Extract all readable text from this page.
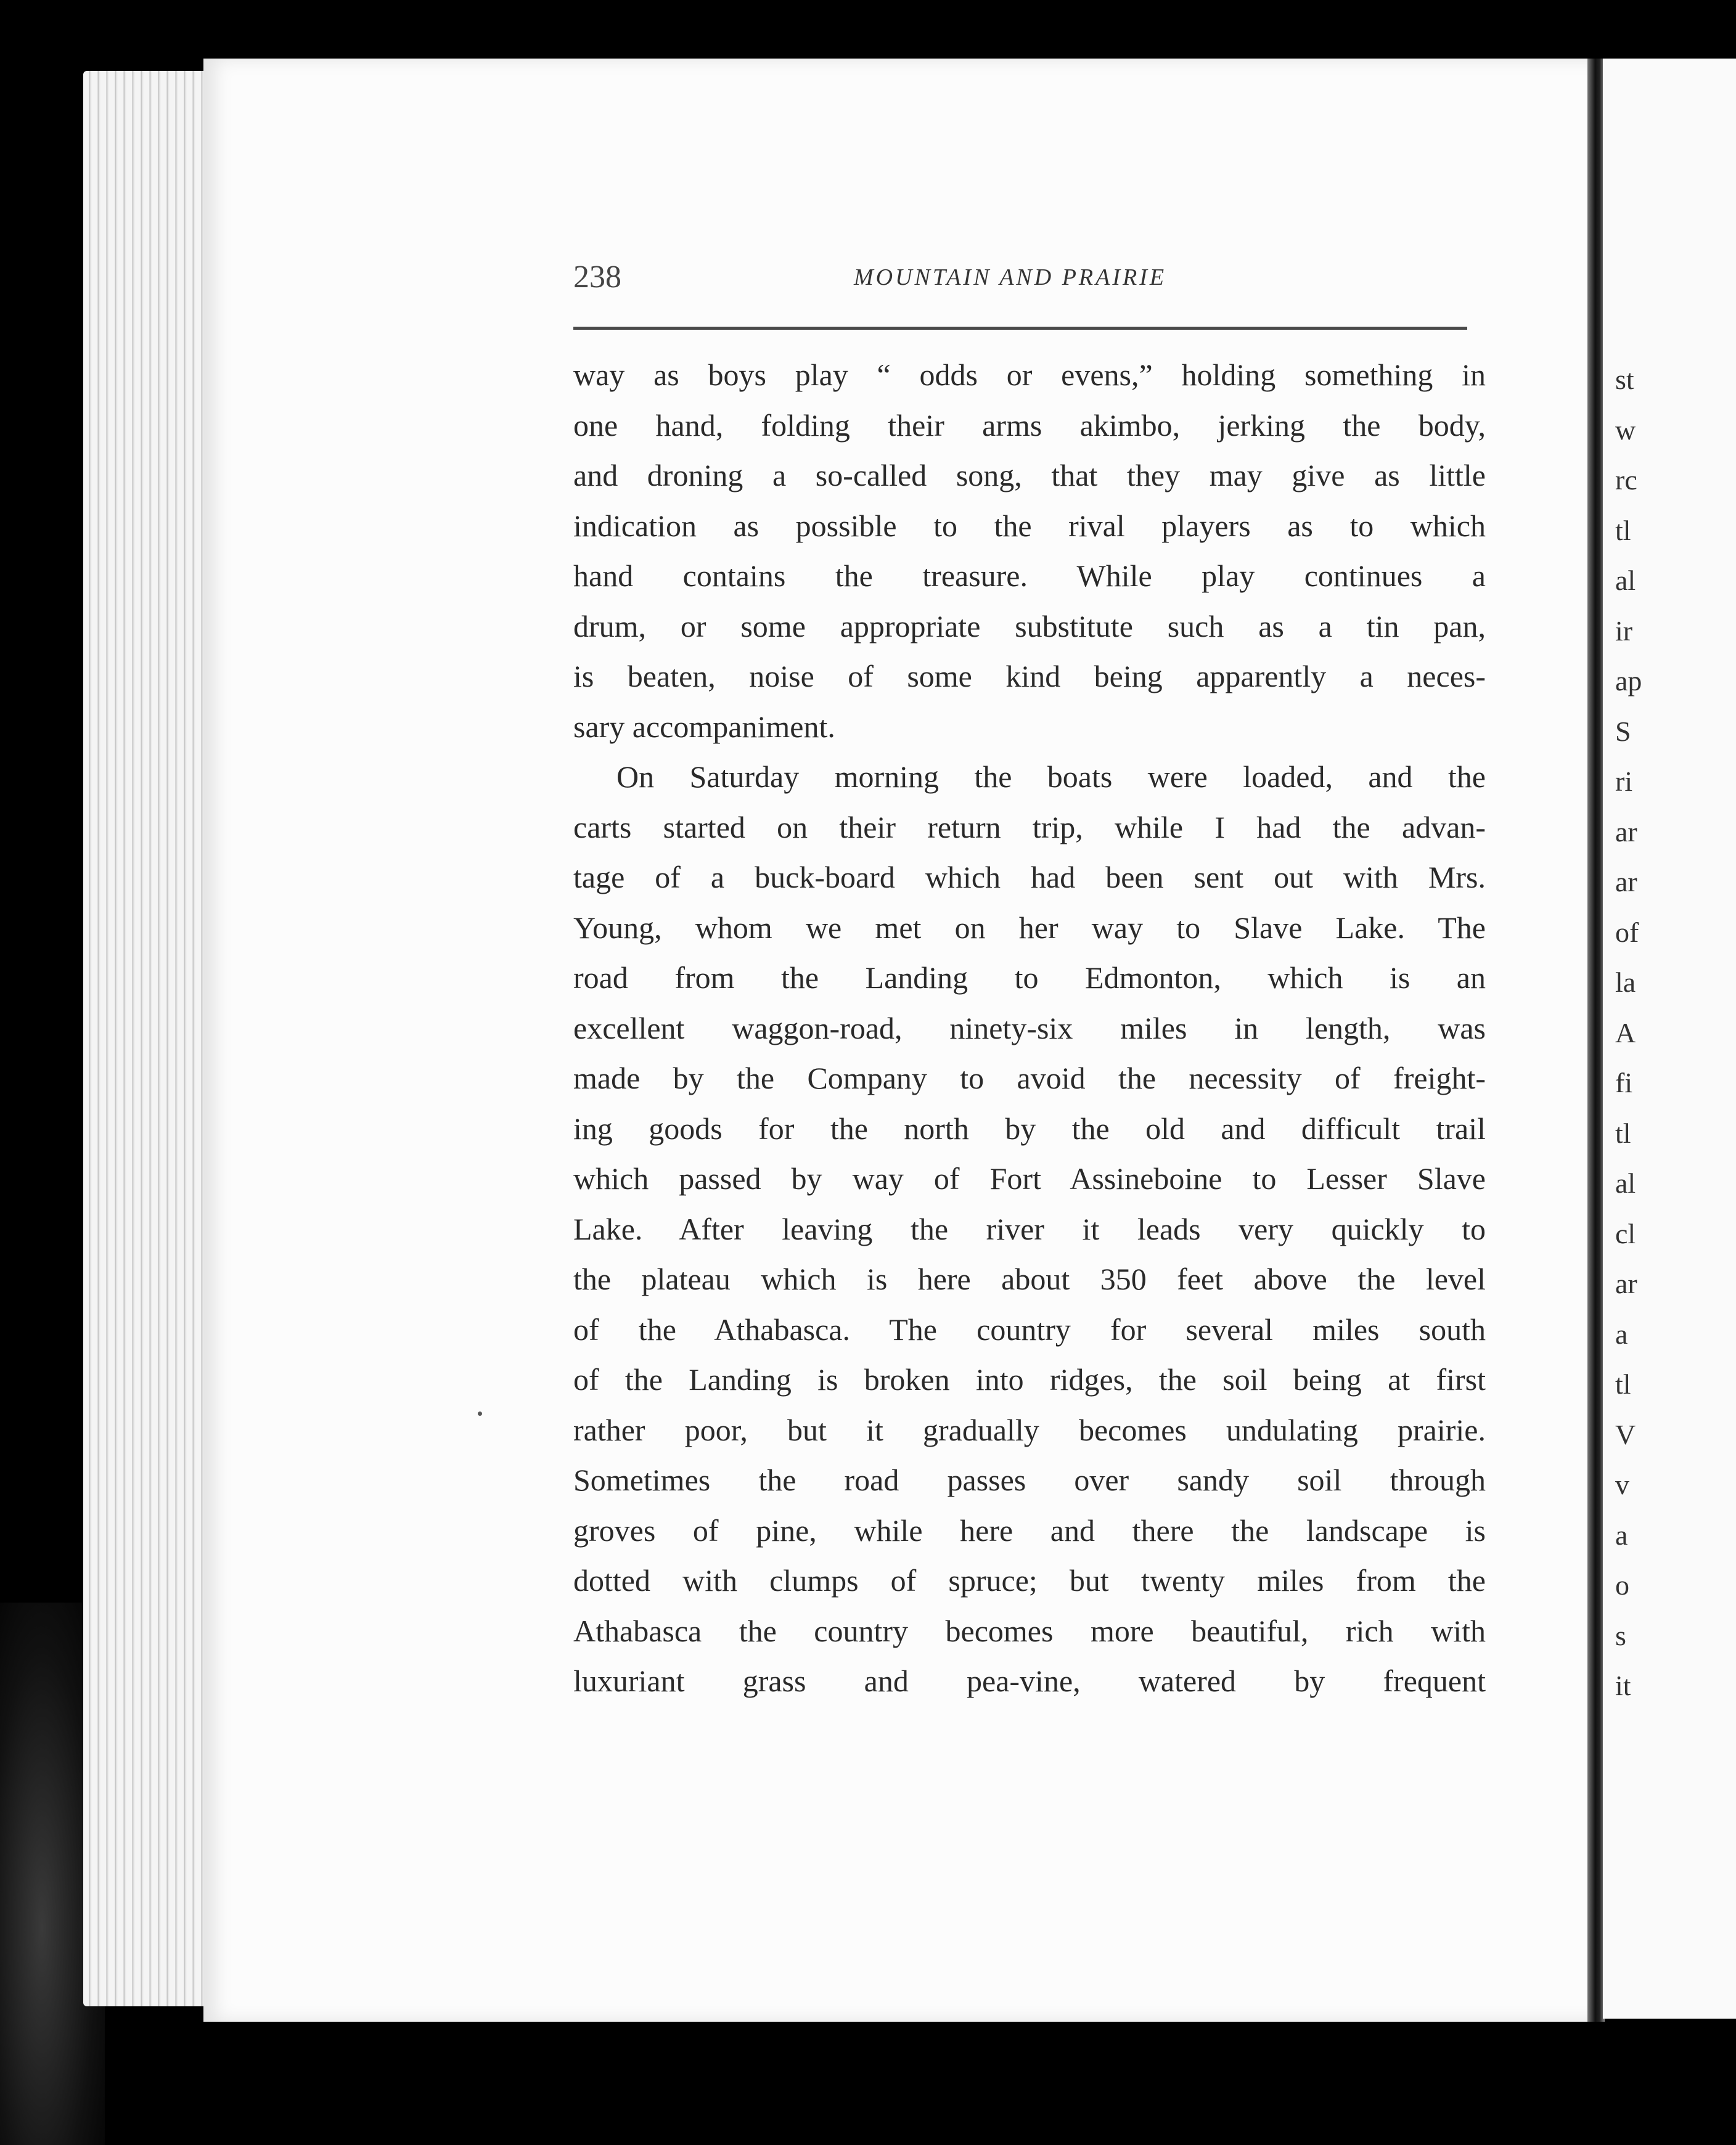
st
w
rc
tl
al
ir
ap
S
ri
ar
ar
of
la
A
fi
tl
al
cl
ar
a
tl
V
v
a
o
s
it
238	MOUNTAIN AND PRAIRIE

way as boys play “ odds or evens,” holding something in
one hand, folding their arms akimbo, jerking the body,
and droning a so-called song, that they may give as little
indication as possible to the rival players as to which
hand contains the treasure. While play continues a
drum, or some appropriate substitute such as a tin pan,
is beaten, noise of some kind being apparently a neces-
sary accompaniment.
On Saturday morning the boats were loaded, and the
carts started on their return trip, while I had the advan-
tage of a buck-board which had been sent out with Mrs.
Young, whom we met on her way to Slave Lake. The
road from the Landing to Edmonton, which is an
excellent waggon-road, ninety-six miles in length, was
made by the Company to avoid the necessity of freight-
ing goods for the north by the old and difficult trail
which passed by way of Fort Assineboine to Lesser Slave
Lake. After leaving the river it leads very quickly to
the plateau which is here about 350 feet above the level
of the Athabasca. The country for several miles south
of the Landing is broken into ridges, the soil being at first
rather poor, but it gradually becomes undulating prairie.
Sometimes the road passes over sandy soil through
groves of pine, while here and there the landscape is
dotted with clumps of spruce; but twenty miles from the
Athabasca the country becomes more beautiful, rich with
luxuriant grass and pea-vine, watered by frequent
